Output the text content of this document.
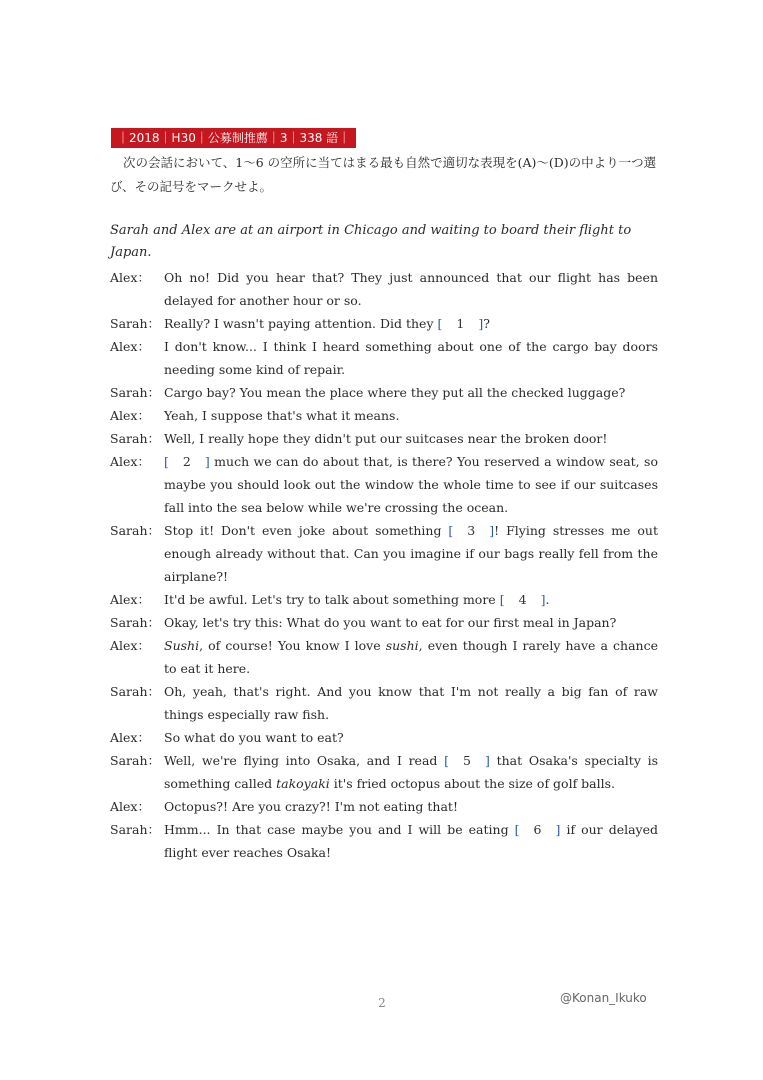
｜2018｜H30｜公募制推薦｜3｜338 語｜
次の会話において、1〜6 の空所に当てはまる最も自然で適切な表現を(A)〜(D)の中より一つ選び、その記号をマークせよ。
Sarah and Alex are at an airport in Chicago and waiting to board their flight to Japan.
Alex：	Oh no! Did you hear that? They just announced that our flight has been delayed for another hour or so.
Sarah： Really? I wasn't paying attention. Did they [ 1 ]?
Alex：	I don't know... I think I heard something about one of the cargo bay doors needing some kind of repair.
Sarah： Cargo bay? You mean the place where they put all the checked luggage?
Alex：	Yeah, I suppose that's what it means.
Sarah： Well, I really hope they didn't put our suitcases near the broken door!
Alex：	[ 2 ] much we can do about that, is there? You reserved a window seat, so maybe you should look out the window the whole time to see if our suitcases fall into the sea below while we're crossing the ocean.
Sarah： Stop it! Don't even joke about something [ 3 ]! Flying stresses me out enough already without that. Can you imagine if our bags really fell from the airplane?!
Alex：	It'd be awful. Let's try to talk about something more [ 4 ].
Sarah： Okay, let's try this: What do you want to eat for our first meal in Japan?
Alex：	Sushi, of course! You know I love sushi, even though I rarely have a chance to eat it here.
Sarah： Oh, yeah, that's right. And you know that I'm not really a big fan of raw things especially raw fish.
Alex：	So what do you want to eat?
Sarah： Well, we're flying into Osaka, and I read [ 5 ] that Osaka's specialty is something called takoyaki it's fried octopus about the size of golf balls.
Alex：	Octopus?! Are you crazy?! I'm not eating that!
Sarah： Hmm... In that case maybe you and I will be eating [ 6 ] if our delayed flight ever reaches Osaka!
2	@Konan_Ikuko
